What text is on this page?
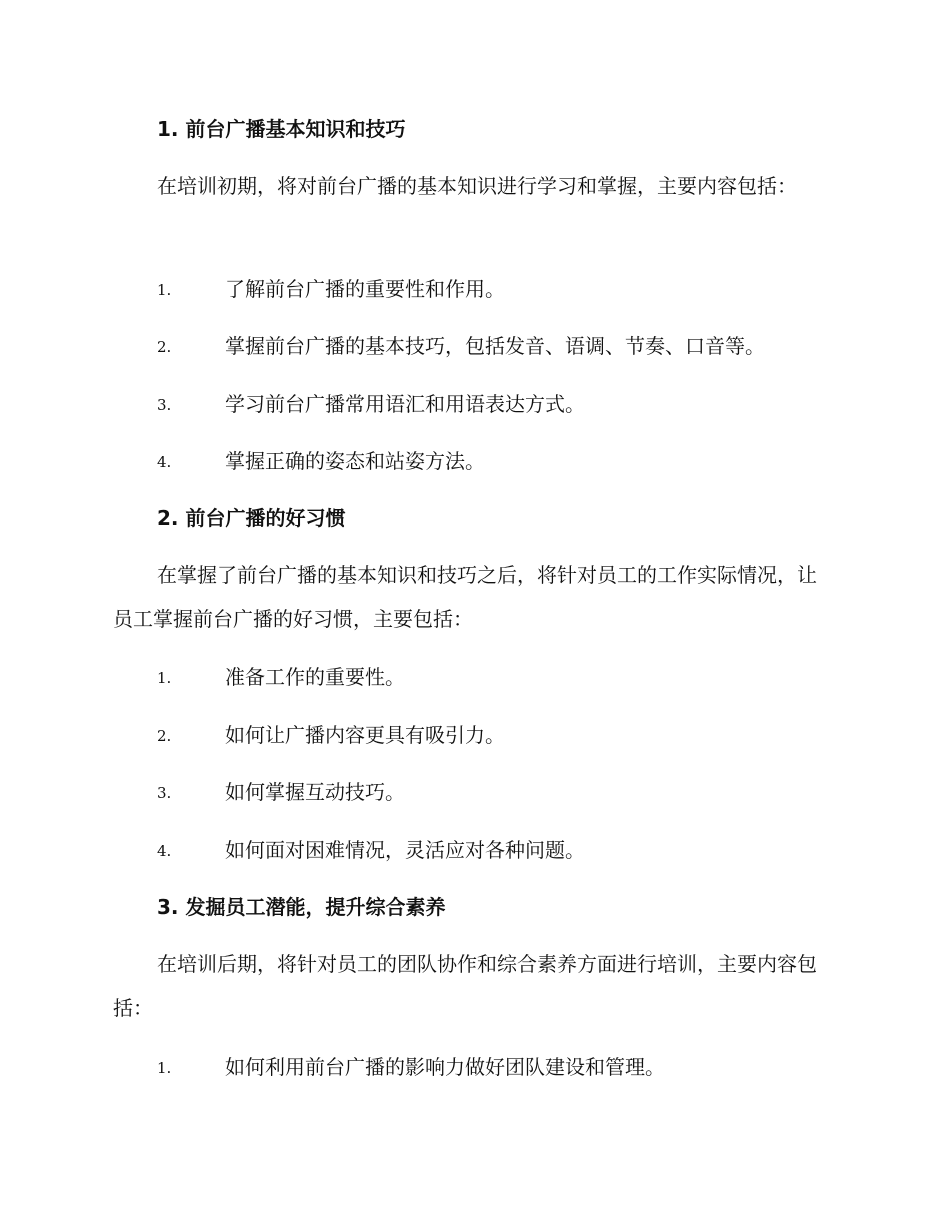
1. 前台广播基本知识和技巧
在培训初期，将对前台广播的基本知识进行学习和掌握，主要内容包括：
1.	了解前台广播的重要性和作用。
2.	掌握前台广播的基本技巧，包括发音、语调、节奏、口音等。
3.	学习前台广播常用语汇和用语表达方式。
4.	掌握正确的姿态和站姿方法。
2. 前台广播的好习惯
在掌握了前台广播的基本知识和技巧之后，将针对员工的工作实际情况，让员工掌握前台广播的好习惯，主要包括：
1.	准备工作的重要性。
2.	如何让广播内容更具有吸引力。
3.	如何掌握互动技巧。
4.	如何面对困难情况，灵活应对各种问题。
3. 发掘员工潜能，提升综合素养
在培训后期，将针对员工的团队协作和综合素养方面进行培训，主要内容包括：
1.	如何利用前台广播的影响力做好团队建设和管理。
